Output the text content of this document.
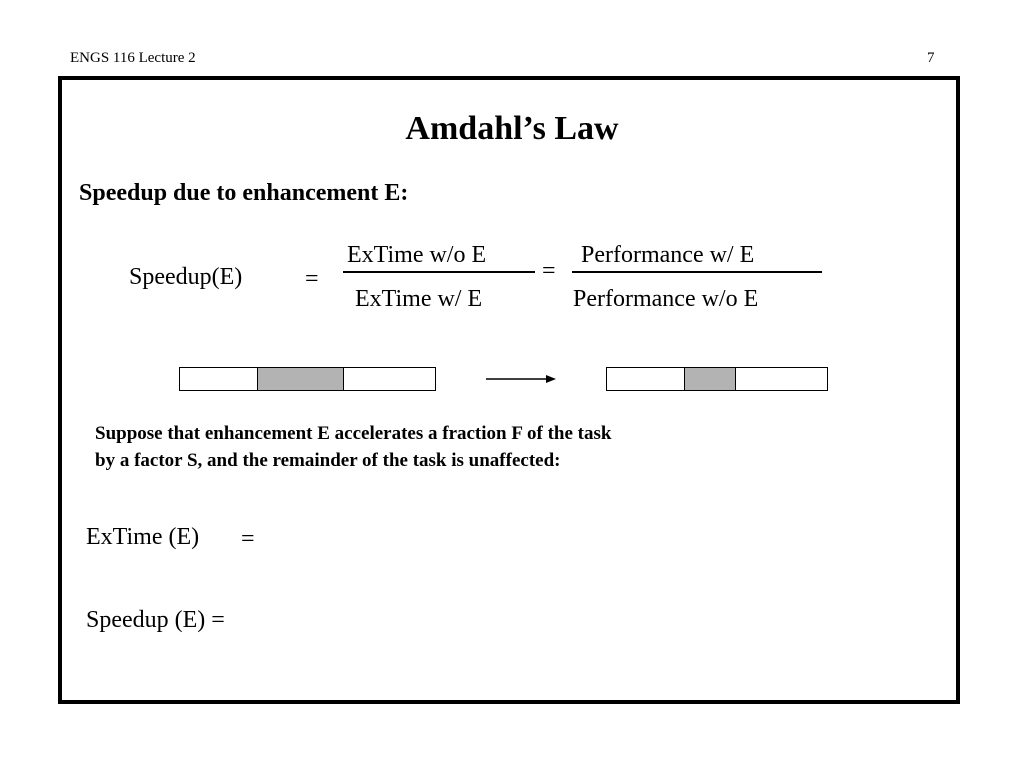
ENGS 116 Lecture 2	7
Amdahl’s Law
Speedup due to enhancement E:
Speedup(E)	=
ExTime w/o E
ExTime w/ E
=
Performance w/ E
Performance w/o E
Suppose that enhancement E accelerates a fraction F of the task
by a factor S, and the remainder of the task is unaffected:
ExTime (E) =
Speedup (E) =
